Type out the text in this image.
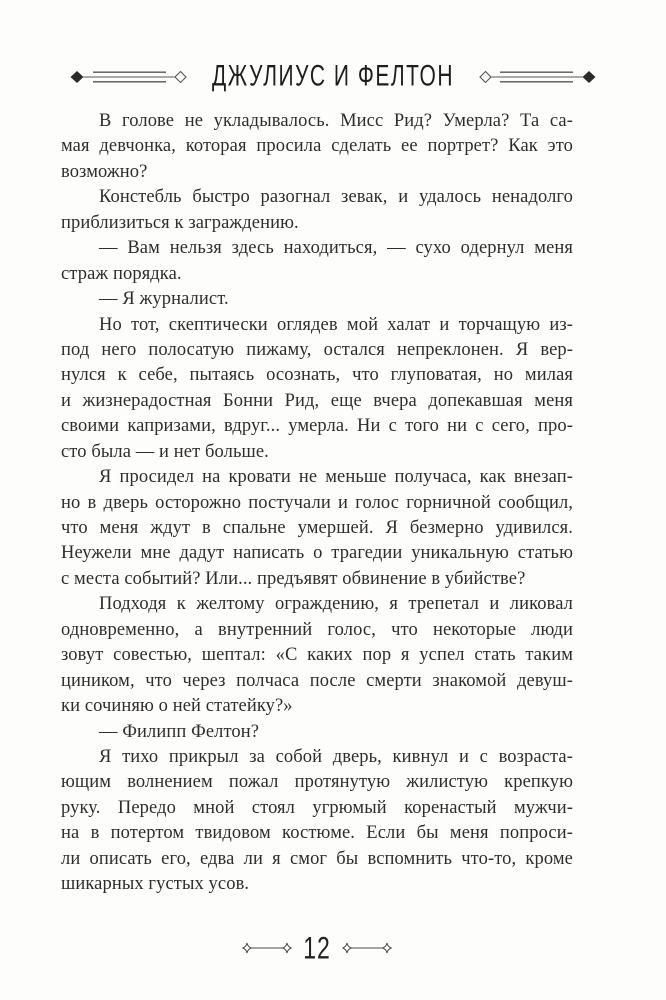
ДЖУЛИУС И ФЕЛТОН
В голове не укладывалось. Мисс Рид? Умерла? Та са-
мая девчонка, которая просила сделать ее портрет? Как это
возможно?
Констебль быстро разогнал зевак, и удалось ненадолго
приблизиться к заграждению.
— Вам нельзя здесь находиться, — сухо одернул меня
страж порядка.
— Я журналист.
Но тот, скептически оглядев мой халат и торчащую из-
под него полосатую пижаму, остался непреклонен. Я вер-
нулся к себе, пытаясь осознать, что глуповатая, но милая
и жизнерадостная Бонни Рид, еще вчера допекавшая меня
своими капризами, вдруг... умерла. Ни с того ни с сего, про-
сто была — и нет больше.
Я просидел на кровати не меньше получаса, как внезап-
но в дверь осторожно постучали и голос горничной сообщил,
что меня ждут в спальне умершей. Я безмерно удивился.
Неужели мне дадут написать о трагедии уникальную статью
с места событий? Или... предъявят обвинение в убийстве?
Подходя к желтому ограждению, я трепетал и ликовал
одновременно, а внутренний голос, что некоторые люди
зовут совестью, шептал: «С каких пор я успел стать таким
циником, что через полчаса после смерти знакомой девуш-
ки сочиняю о ней статейку?»
— Филипп Фелтон?
Я тихо прикрыл за собой дверь, кивнул и с возраста-
ющим волнением пожал протянутую жилистую крепкую
руку. Передо мной стоял угрюмый коренастый мужчи-
на в потертом твидовом костюме. Если бы меня попроси-
ли описать его, едва ли я смог бы вспомнить что-то, кроме
шикарных густых усов.
12
